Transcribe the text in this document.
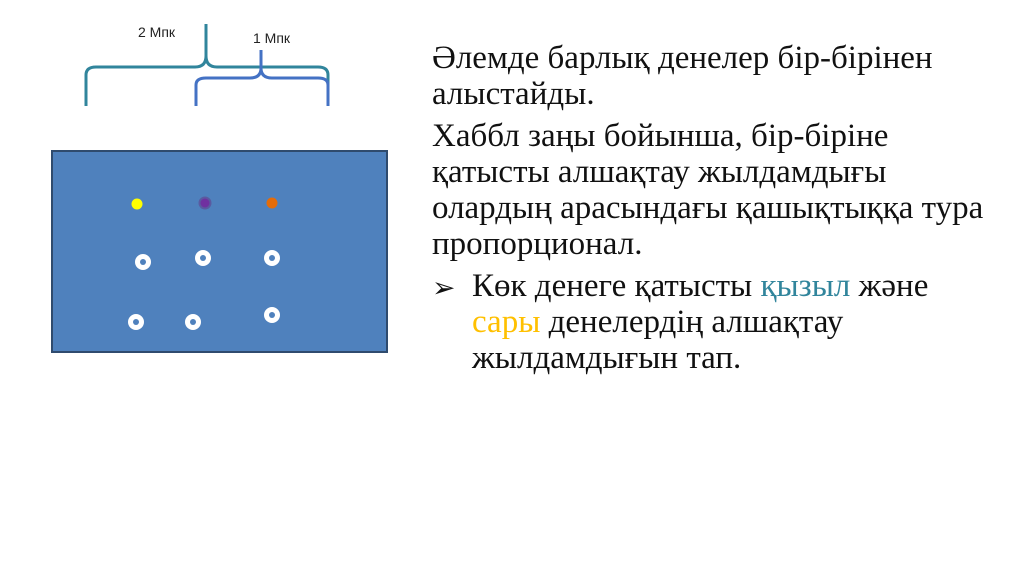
2 Мпк	1 Мпк

Әлемде барлық денелер бір-бірінен алыстайды.

Хаббл заңы бойынша, бір-біріне қатысты алшақтау жылдамдығы олардың арасындағы қашықтыққа тура пропорционал.

➢ Көк денеге қатысты қызыл және сары денелердің алшақтау жылдамдығын тап.
